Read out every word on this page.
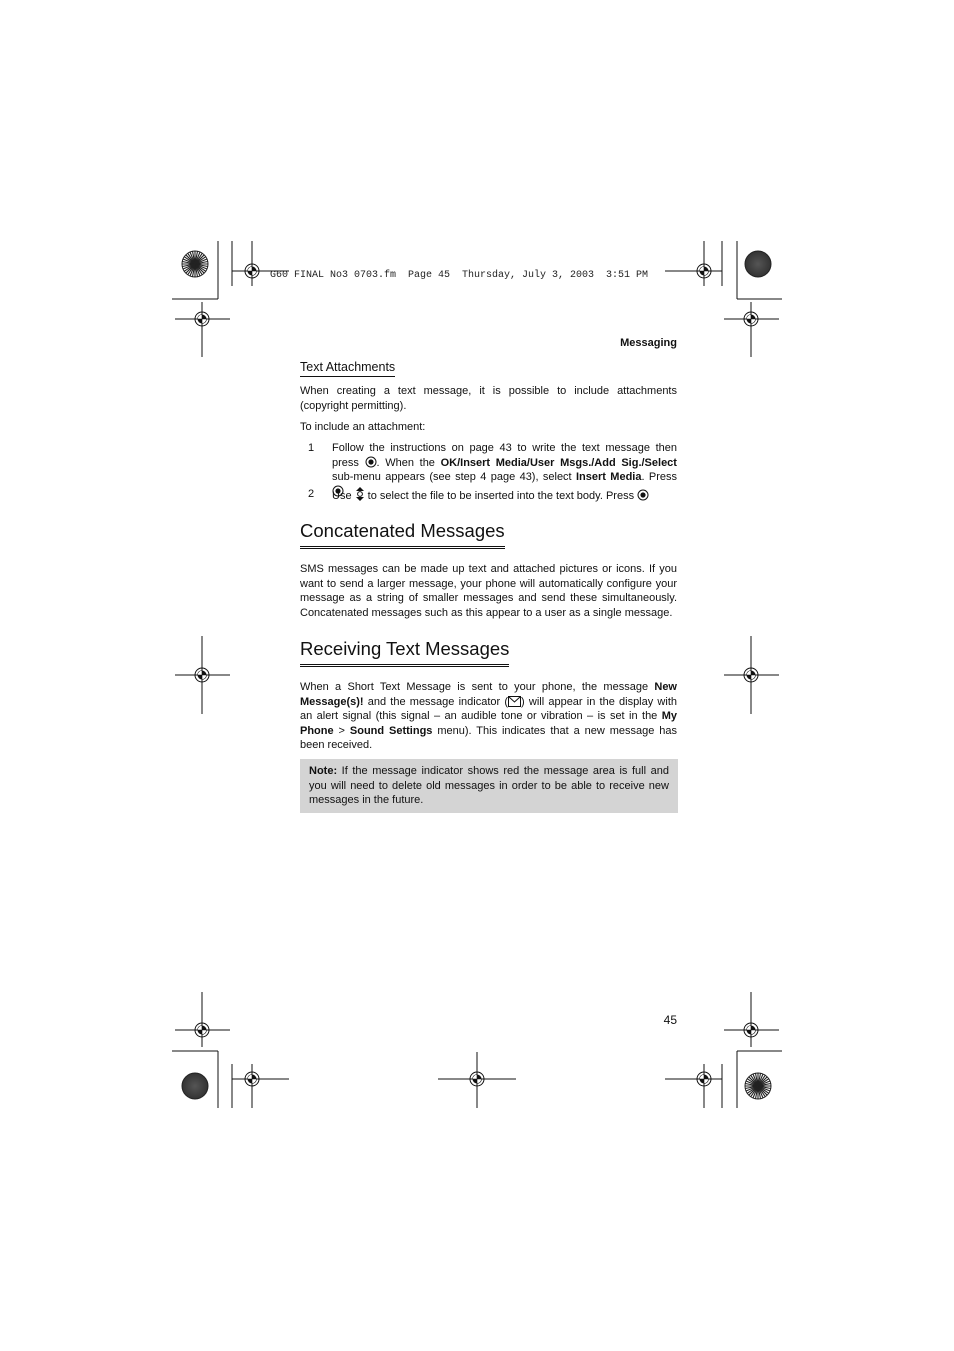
G60 FINAL No3 0703.fm  Page 45  Thursday, July 3, 2003  3:51 PM
Messaging
Text Attachments
When creating a text message, it is possible to include attachments (copyright permitting).
To include an attachment:
1 Follow the instructions on page 43 to write the text message then press . When the OK/Insert Media/User Msgs./Add Sig./Select sub-menu appears (see step 4 page 43), select Insert Media. Press
2 Use  to select the file to be inserted into the text body. Press
Concatenated Messages
SMS messages can be made up text and attached pictures or icons. If you want to send a larger message, your phone will automatically configure your message as a string of smaller messages and send these simultaneously. Concatenated messages such as this appear to a user as a single message.
Receiving Text Messages
When a Short Text Message is sent to your phone, the message New Message(s)! and the message indicator ( ) will appear in the display with an alert signal (this signal – an audible tone or vibration – is set in the My Phone > Sound Settings menu). This indicates that a new message has been received.
Note: If the message indicator shows red the message area is full and you will need to delete old messages in order to be able to receive new messages in the future.
45
